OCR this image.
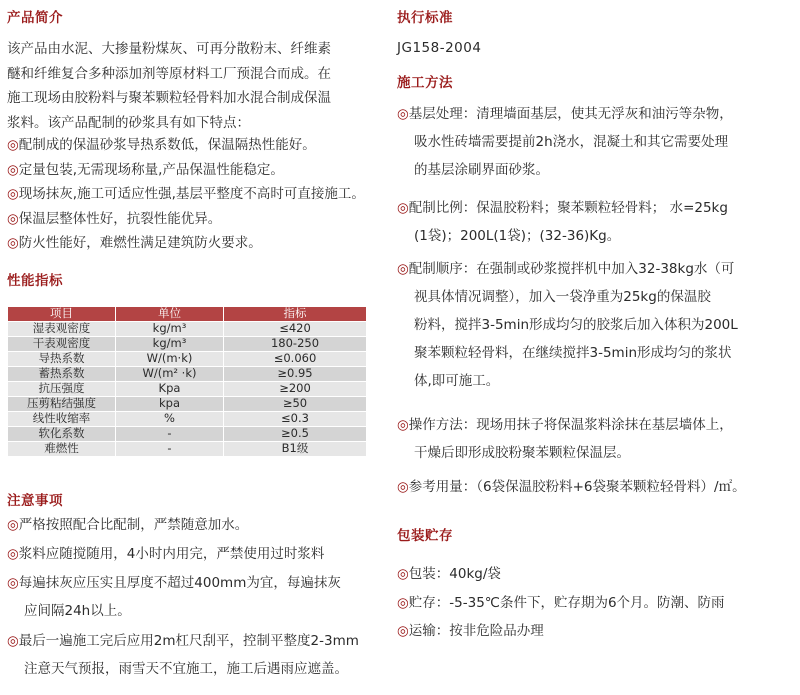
产品简介
该产品由水泥、大掺量粉煤灰、可再分散粉末、纤维素
醚和纤维复合多种添加剂等原材料工厂预混合而成。在
施工现场由胶粉料与聚苯颗粒轻骨料加水混合制成保温
浆料。该产品配制的砂浆具有如下特点：
◎配制成的保温砂浆导热系数低，保温隔热性能好。
◎定量包装,无需现场称量,产品保温性能稳定。
◎现场抹灰,施工可适应性强,基层平整度不高时可直接施工。
◎保温层整体性好，抗裂性能优异。
◎防火性能好，难燃性满足建筑防火要求。
性能指标
项目	单位	指标
湿表观密度	kg/m³	≤420
干表观密度	kg/m³	180-250
导热系数	W/(m·k)	≤0.060
蓄热系数	W/(m² ·k)	≥0.95
抗压强度	Kpa	≥200
压剪粘结强度	kpa	≥50
线性收缩率	%	≤0.3
软化系数	-	≥0.5
难燃性	-	B1级
注意事项
◎严格按照配合比配制，严禁随意加水。
◎浆料应随搅随用，4小时内用完，严禁使用过时浆料
◎每遍抹灰应压实且厚度不超过400mm为宜，每遍抹灰
应间隔24h以上。
◎最后一遍施工完后应用2m杠尺刮平，控制平整度2-3mm
注意天气预报，雨雪天不宜施工，施工后遇雨应遮盖。
执行标准
JG158-2004
施工方法
◎基层处理：清理墙面基层，使其无浮灰和油污等杂物，
吸水性砖墙需要提前2h浇水，混凝土和其它需要处理
的基层涂刷界面砂浆。
◎配制比例：保温胶粉料；聚苯颗粒轻骨料； 水=25kg
(1袋)；200L(1袋)；(32-36)Kg。
◎配制顺序：在强制或砂浆搅拌机中加入32-38kg水（可
视具体情况调整），加入一袋净重为25kg的保温胶
粉料，搅拌3-5min形成均匀的胶浆后加入体积为200L
聚苯颗粒轻骨料，在继续搅拌3-5min形成均匀的浆状
体,即可施工。
◎操作方法：现场用抹子将保温浆料涂抹在基层墙体上，
干燥后即形成胶粉聚苯颗粒保温层。
◎参考用量：（6袋保温胶粉料+6袋聚苯颗粒轻骨料）/㎡。
包装贮存
◎包装：40kg/袋
◎贮存：-5-35℃条件下，贮存期为6个月。防潮、防雨
◎运输：按非危险品办理
